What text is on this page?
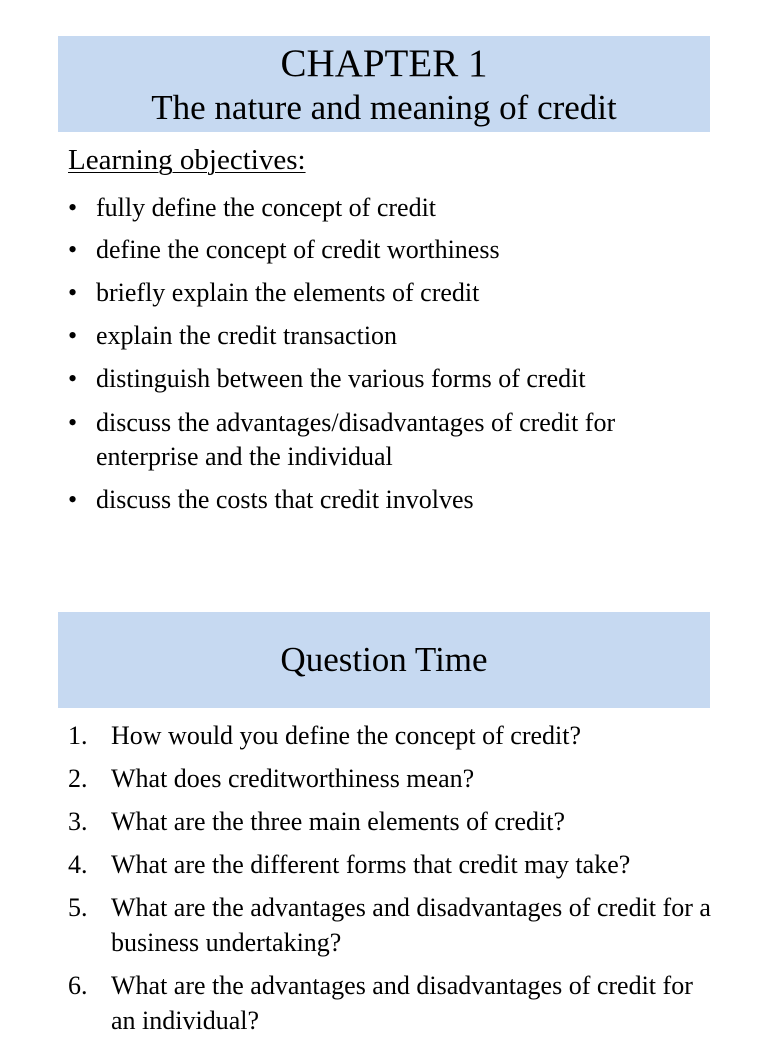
CHAPTER 1
The nature and meaning of credit
Learning objectives:
• fully define the concept of credit
• define the concept of credit worthiness
• briefly explain the elements of credit
• explain the credit transaction
• distinguish between the various forms of credit
• discuss the advantages/disadvantages of credit for enterprise and the individual
• discuss the costs that credit involves
Question Time
1. How would you define the concept of credit?
2. What does creditworthiness mean?
3. What are the three main elements of credit?
4. What are the different forms that credit may take?
5. What are the advantages and disadvantages of credit for a business undertaking?
6. What are the advantages and disadvantages of credit for an individual?
